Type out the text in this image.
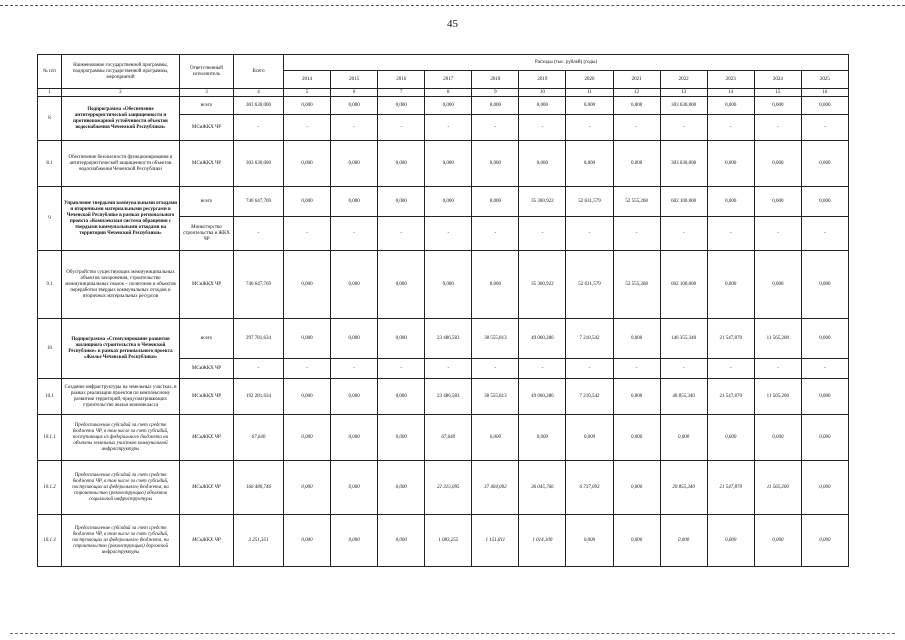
45
№ п/п	Наименование государственной программы, подпрограммы государственной программы, мероприятий	Ответственный исполнитель	Всего	Расходы (тыс. рублей) (годы)											
				2014	2015	2016	2017	2018	2019	2020	2021	2022	2023	2024	2025
1	2	3	4	5	6	7	8	9	10	11	12	13	14	15	16
8	Подпрограмма «Обеспечение антитеррористической защищенности и противопожарной устойчивости объектов водоснабжения Чеченской Республики»	всего	303 630,000	0,000	0,000	0,000	0,000	0,000	0,000	0,000	0,000	303 630,000	0,000	0,000	0,000
		МСиЖКХ ЧР	-	-	-	-	-	-	-	-	-	-	-	-	-
8.1	Обеспечение безопасности функционирования и антитеррористической защищенности объектов водоснабжения Чеченской Республики	МСиЖКХ ЧР	303 630,000	0,000	0,000	0,000	0,000	0,000	0,000	0,000	0,000	303 630,000	0,000	0,000	0,000
9	Управление твердыми коммунальными отходами и вторичными материальными ресурсами в Чеченской Республике в рамках регионального проекта «Комплексная система обращения с твердыми коммунальными отходами на территории Чеченской Республики»	всего	740 647,769	0,000	0,000	0,000	0,000	0,000	35 360,922	52 631,579	52 555,268	602 100,000	0,000	0,000	0,000
		Министерство строительства и ЖКХ ЧР	-	-	-	-	-	-	-	-	-	-	-	-	-
9.1	Обустройство существующих межмуниципальных объектов захоронения, строительство межмуниципальных свалок – полигонов и объектов переработки твердых коммунальных отходов и вторичных материальных ресурсов	МСиЖКХ ЧР	740 647,769	0,000	0,000	0,000	0,000	0,000	35 360,922	52 631,579	52 555,268	602 100,000	0,000	0,000	0,000
10	Подпрограмма «Стимулирование развития жилищного строительства в Чеченской Республике» в рамках регионального проекта «Жилье Чеченской Республики»	всего	297 781,634	0,000	0,000	0,000	23 486,583	38 555,813	49 060,286	7 210,542	0,000	146 355,340	21 547,870	11 565,200	0,000
		МСиЖКХ ЧР	-	-	-	-	-	-	-	-	-	-	-	-	-
10.1	Создание инфраструктуры на земельных участках, в рамках реализации проектов по комплексному развитию территорий, предусматривающих строительство жилья экономкласса	МСиЖКХ ЧР	192 281,634	0,000	0,000	0,000	23 486,583	38 555,813	49 060,286	7 210,542	0,000	40 855,340	21 547,870	11 565,200	0,000
10.1.1	Предоставление субсидий за счет средств бюджета ЧР, в том числе за счет субсидий, поступающих из федерального бюджета на объекты земельных участков коммунальной инфраструктуры	МСиЖКХ ЧР	67,640	0,000	0,000	0,000	67,640	0,000	0,000	0,000	0,000	0,000	0,000	0,000	0,000
10.1.2	Предоставление субсидий за счет средств бюджета ЧР, в том числе за счет субсидий, поступающих из федерального бюджета, на строительство (реконструкцию) объектов социальной инфраструктуры	МСиЖКХ ЧР	166 480,746	0,000	0,000	0,000	22 315,095	37 404,002	36 045,766	6 737,093	0,000	20 855,340	21 547,870	11 565,200	0,000
10.1.3	Предоставление субсидий за счет средств бюджета ЧР, в том числе за счет субсидий, поступающих из федерального бюджета, на строительство (реконструкцию) дорожной инфраструктуры	МСиЖКХ ЧР	3 251,351	0,000	0,000	0,000	1 083,255	1 151,811	1 014,100	0,000	0,000	0,000	0,000	0,000	0,000
